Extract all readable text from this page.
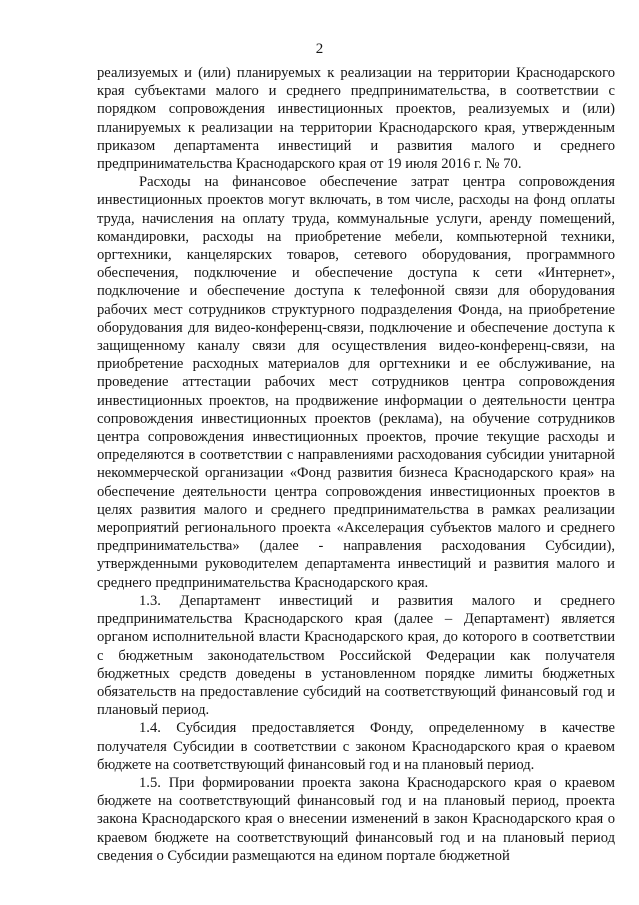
2

реализуемых и (или) планируемых к реализации на территории Краснодарского края субъектами малого и среднего предпринимательства, в соответствии с порядком сопровождения инвестиционных проектов, реализуемых и (или) планируемых к реализации на территории Краснодарского края, утвержденным приказом департамента инвестиций и развития малого и среднего предпринимательства Краснодарского края от 19 июля 2016 г. № 70.

Расходы на финансовое обеспечение затрат центра сопровождения инвестиционных проектов могут включать, в том числе, расходы на фонд оплаты труда, начисления на оплату труда, коммунальные услуги, аренду помещений, командировки, расходы на приобретение мебели, компьютерной техники, оргтехники, канцелярских товаров, сетевого оборудования, программного обеспечения, подключение и обеспечение доступа к сети «Интернет», подключение и обеспечение доступа к телефонной связи для оборудования рабочих мест сотрудников структурного подразделения Фонда, на приобретение оборудования для видео-конференц-связи, подключение и обеспечение доступа к защищенному каналу связи для осуществления видео-конференц-связи, на приобретение расходных материалов для оргтехники и ее обслуживание, на проведение аттестации рабочих мест сотрудников центра сопровождения инвестиционных проектов, на продвижение информации о деятельности центра сопровождения инвестиционных проектов (реклама), на обучение сотрудников центра сопровождения инвестиционных проектов, прочие текущие расходы и определяются в соответствии с направлениями расходования субсидии унитарной некоммерческой организации «Фонд развития бизнеса Краснодарского края» на обеспечение деятельности центра сопровождения инвестиционных проектов в целях развития малого и среднего предпринимательства в рамках реализации мероприятий регионального проекта «Акселерация субъектов малого и среднего предпринимательства» (далее - направления расходования Субсидии), утвержденными руководителем департамента инвестиций и развития малого и среднего предпринимательства Краснодарского края.

1.3. Департамент инвестиций и развития малого и среднего предпринимательства Краснодарского края (далее – Департамент) является органом исполнительной власти Краснодарского края, до которого в соответствии с бюджетным законодательством Российской Федерации как получателя бюджетных средств доведены в установленном порядке лимиты бюджетных обязательств на предоставление субсидий на соответствующий финансовый год и плановый период.

1.4. Субсидия предоставляется Фонду, определенному в качестве получателя Субсидии в соответствии с законом Краснодарского края о краевом бюджете на соответствующий финансовый год и на плановый период.

1.5. При формировании проекта закона Краснодарского края о краевом бюджете на соответствующий финансовый год и на плановый период, проекта закона Краснодарского края о внесении изменений в закон Краснодарского края о краевом бюджете на соответствующий финансовый год и на плановый период сведения о Субсидии размещаются на едином портале бюджетной
